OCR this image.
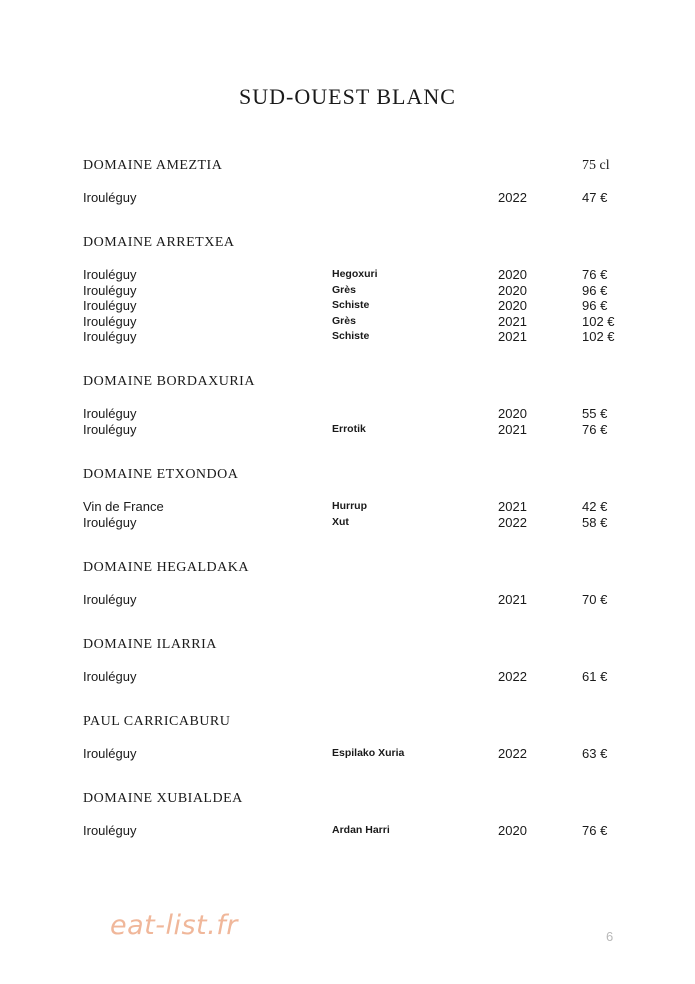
SUD-OUEST BLANC
75 cl
DOMAINE AMEZTIA
Irouléguy	2022	47 €
DOMAINE ARRETXEA
Irouléguy	Hegoxuri	2020	76 €
Irouléguy	Grès	2020	96 €
Irouléguy	Schiste	2020	96 €
Irouléguy	Grès	2021	102 €
Irouléguy	Schiste	2021	102 €
DOMAINE BORDAXURIA
Irouléguy	2020	55 €
Irouléguy	Errotik	2021	76 €
DOMAINE ETXONDOA
Vin de France	Hurrup	2021	42 €
Irouléguy	Xut	2022	58 €
DOMAINE HEGALDAKA
Irouléguy	2021	70 €
DOMAINE ILARRIA
Irouléguy	2022	61 €
PAUL CARRICABURU
Irouléguy	Espilako Xuria	2022	63 €
DOMAINE XUBIALDEA
Irouléguy	Ardan Harri	2020	76 €
eat-list.fr	6
